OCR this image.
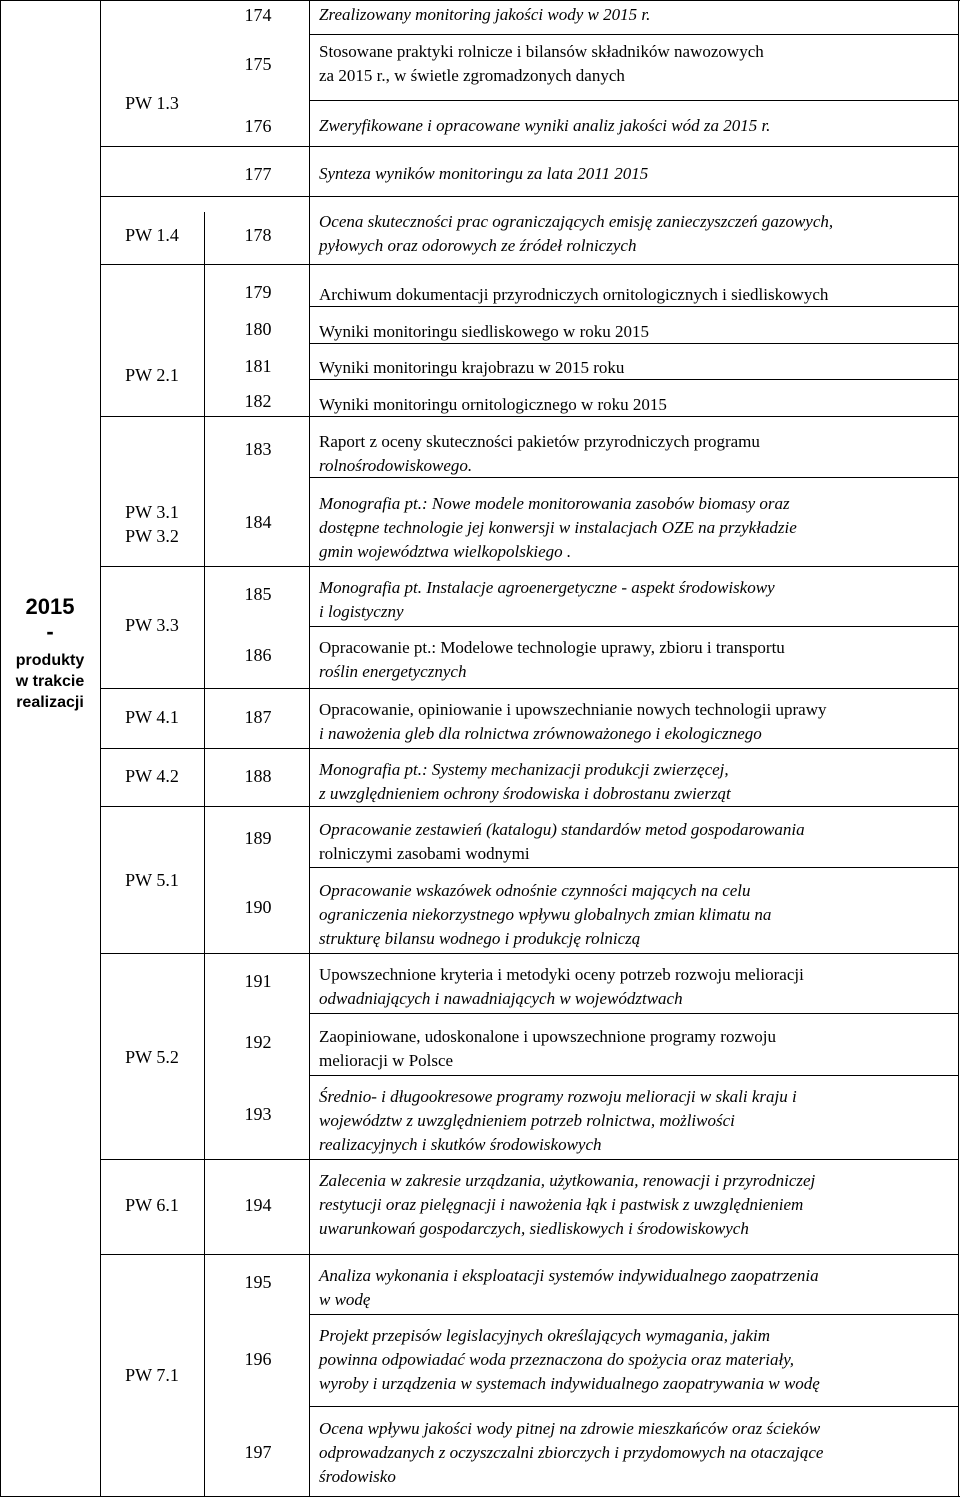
2015
-
produkty
w trakcie
realizacji
PW 1.3
PW 1.4
PW 2.1
PW 3.1
PW 3.2
PW 3.3
PW 4.1
PW 4.2
PW 5.1
PW 5.2
PW 6.1
PW 7.1
174
175
176
177
178
179
180
181
182
183
184
185
186
187
188
189
190
191
192
193
194
195
196
197
Zrealizowany monitoring jakości wody w 2015 r.
Stosowane praktyki rolnicze i bilansów składników nawozowych
za 2015 r., w świetle zgromadzonych danych
Zweryfikowane i opracowane wyniki analiz jakości wód za 2015 r.
Synteza wyników monitoringu za lata 2011 2015
Ocena skuteczności prac ograniczających emisję zanieczyszczeń gazowych,
pyłowych oraz odorowych ze źródeł rolniczych
Archiwum dokumentacji przyrodniczych ornitologicznych i siedliskowych
Wyniki monitoringu siedliskowego w roku 2015
Wyniki monitoringu krajobrazu w 2015 roku
Wyniki monitoringu ornitologicznego w roku 2015
Raport z oceny skuteczności pakietów przyrodniczych programu
rolnośrodowiskowego.
Monografia pt.: Nowe modele monitorowania zasobów biomasy oraz
dostępne technologie jej konwersji w instalacjach OZE na przykładzie
gmin województwa wielkopolskiego .
Monografia pt. Instalacje agroenergetyczne - aspekt środowiskowy
i logistyczny
Opracowanie pt.: Modelowe technologie uprawy, zbioru i transportu
roślin energetycznych
Opracowanie, opiniowanie i upowszechnianie nowych technologii uprawy
i nawożenia gleb dla rolnictwa zrównoważonego i ekologicznego
Monografia pt.: Systemy mechanizacji produkcji zwierzęcej,
z uwzględnieniem ochrony środowiska i dobrostanu zwierząt
Opracowanie zestawień (katalogu) standardów metod gospodarowania
rolniczymi zasobami wodnymi
Opracowanie wskazówek odnośnie czynności mających na celu
ograniczenia niekorzystnego wpływu globalnych zmian klimatu na
strukturę bilansu wodnego i produkcję rolniczą
Upowszechnione kryteria i metodyki oceny potrzeb rozwoju melioracji
odwadniających i nawadniających w województwach
Zaopiniowane, udoskonalone i upowszechnione programy rozwoju
melioracji w Polsce
Średnio- i długookresowe programy rozwoju melioracji w skali kraju i
województw z uwzględnieniem potrzeb rolnictwa, możliwości
realizacyjnych i skutków środowiskowych
Zalecenia w zakresie urządzania, użytkowania, renowacji i przyrodniczej
restytucji oraz pielęgnacji i nawożenia łąk i pastwisk z uwzględnieniem
uwarunkowań gospodarczych, siedliskowych i środowiskowych
Analiza wykonania i eksploatacji systemów indywidualnego zaopatrzenia
w wodę
Projekt przepisów legislacyjnych określających wymagania, jakim
powinna odpowiadać woda przeznaczona do spożycia oraz materiały,
wyroby i urządzenia w systemach indywidualnego zaopatrywania w wodę
Ocena wpływu jakości wody pitnej na zdrowie mieszkańców oraz ścieków
odprowadzanych z oczyszczalni zbiorczych i przydomowych na otaczające
środowisko
